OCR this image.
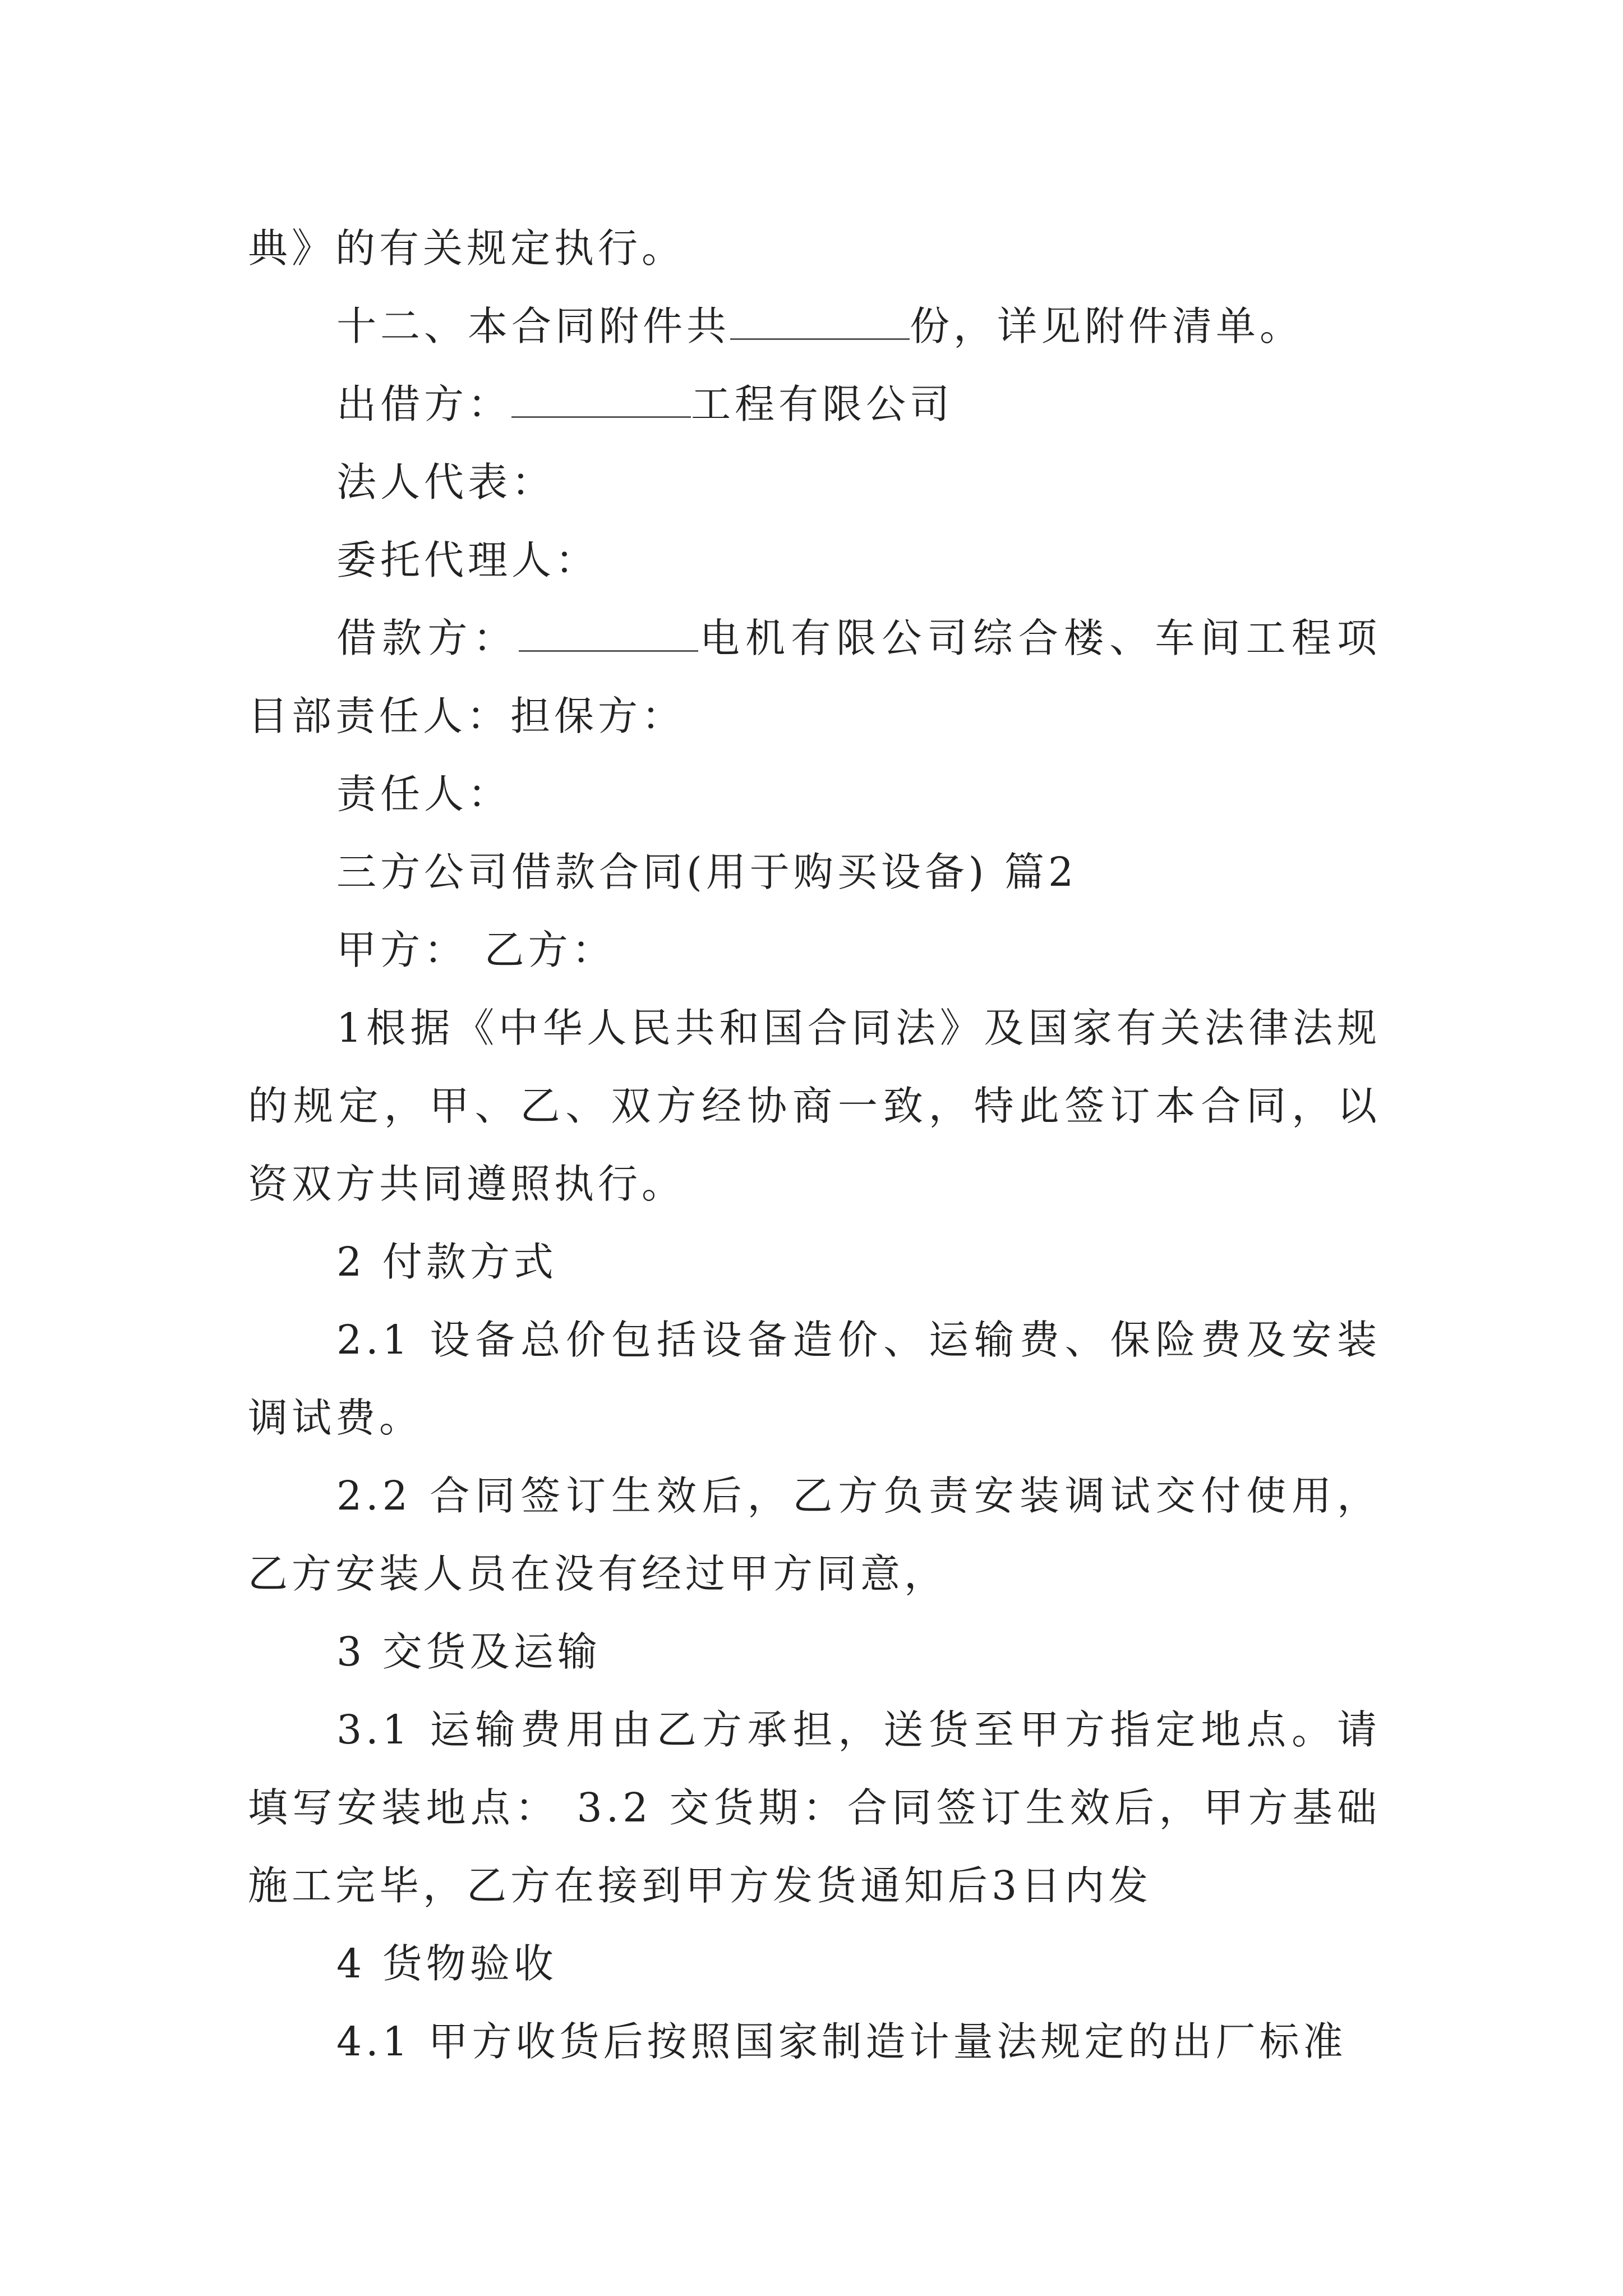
典》的有关规定执行。

十二、本合同附件共	份，详见附件清单。

出借方：	工程有限公司

法人代表：

委托代理人：

借款方：	电机有限公司综合楼、车间工程项目部责任人：担保方：

责任人：

三方公司借款合同(用于购买设备) 篇2

甲方： 乙方：

1根据《中华人民共和国合同法》及国家有关法律法规的规定，甲、乙、双方经协商一致，特此签订本合同，以资双方共同遵照执行。

2 付款方式

2.1 设备总价包括设备造价、运输费、保险费及安装调试费。

2.2 合同签订生效后，乙方负责安装调试交付使用，乙方安装人员在没有经过甲方同意，

3 交货及运输

3.1 运输费用由乙方承担，送货至甲方指定地点。请填写安装地点： 3.2 交货期：合同签订生效后，甲方基础施工完毕，乙方在接到甲方发货通知后3日内发

4 货物验收

4.1 甲方收货后按照国家制造计量法规定的出厂标准
